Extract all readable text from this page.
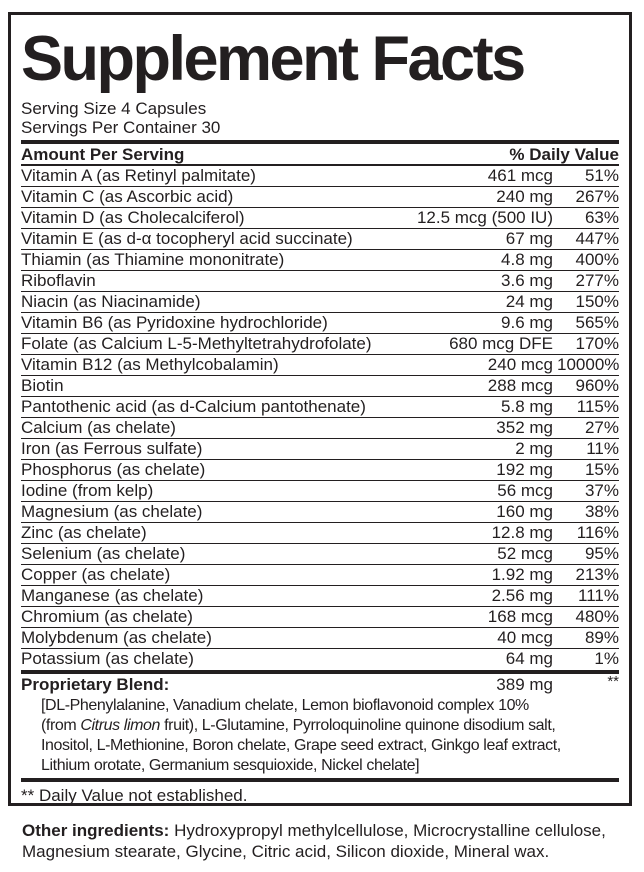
Supplement Facts
Serving Size 4 Capsules
Servings Per Container 30
Amount Per Serving	% Daily Value
Vitamin A (as Retinyl palmitate)	461 mcg	51%
Vitamin C (as Ascorbic acid)	240 mg	267%
Vitamin D (as Cholecalciferol)	12.5 mcg (500 IU)	63%
Vitamin E (as d-α tocopheryl acid succinate)	67 mg	447%
Thiamin (as Thiamine mononitrate)	4.8 mg	400%
Riboflavin	3.6 mg	277%
Niacin (as Niacinamide)	24 mg	150%
Vitamin B6 (as Pyridoxine hydrochloride)	9.6 mg	565%
Folate (as Calcium L-5-Methyltetrahydrofolate)	680 mcg DFE	170%
Vitamin B12 (as Methylcobalamin)	240 mcg 10000%
Biotin	288 mcg	960%
Pantothenic acid (as d-Calcium pantothenate)	5.8 mg	115%
Calcium (as chelate)	352 mg	27%
Iron (as Ferrous sulfate)	2 mg	11%
Phosphorus (as chelate)	192 mg	15%
Iodine (from kelp)	56 mcg	37%
Magnesium (as chelate)	160 mg	38%
Zinc (as chelate)	12.8 mg	116%
Selenium (as chelate)	52 mcg	95%
Copper (as chelate)	1.92 mg	213%
Manganese (as chelate)	2.56 mg	111%
Chromium (as chelate)	168 mcg	480%
Molybdenum (as chelate)	40 mcg	89%
Potassium (as chelate)	64 mg	1%
Proprietary Blend:	389 mg	**
[DL-Phenylalanine, Vanadium chelate, Lemon bioflavonoid complex 10%
(from Citrus limon fruit), L-Glutamine, Pyrroloquinoline quinone disodium salt,
Inositol, L-Methionine, Boron chelate, Grape seed extract, Ginkgo leaf extract,
Lithium orotate, Germanium sesquioxide, Nickel chelate]
** Daily Value not established.
Other ingredients: Hydroxypropyl methylcellulose, Microcrystalline cellulose, Magnesium stearate, Glycine, Citric acid, Silicon dioxide, Mineral wax.
